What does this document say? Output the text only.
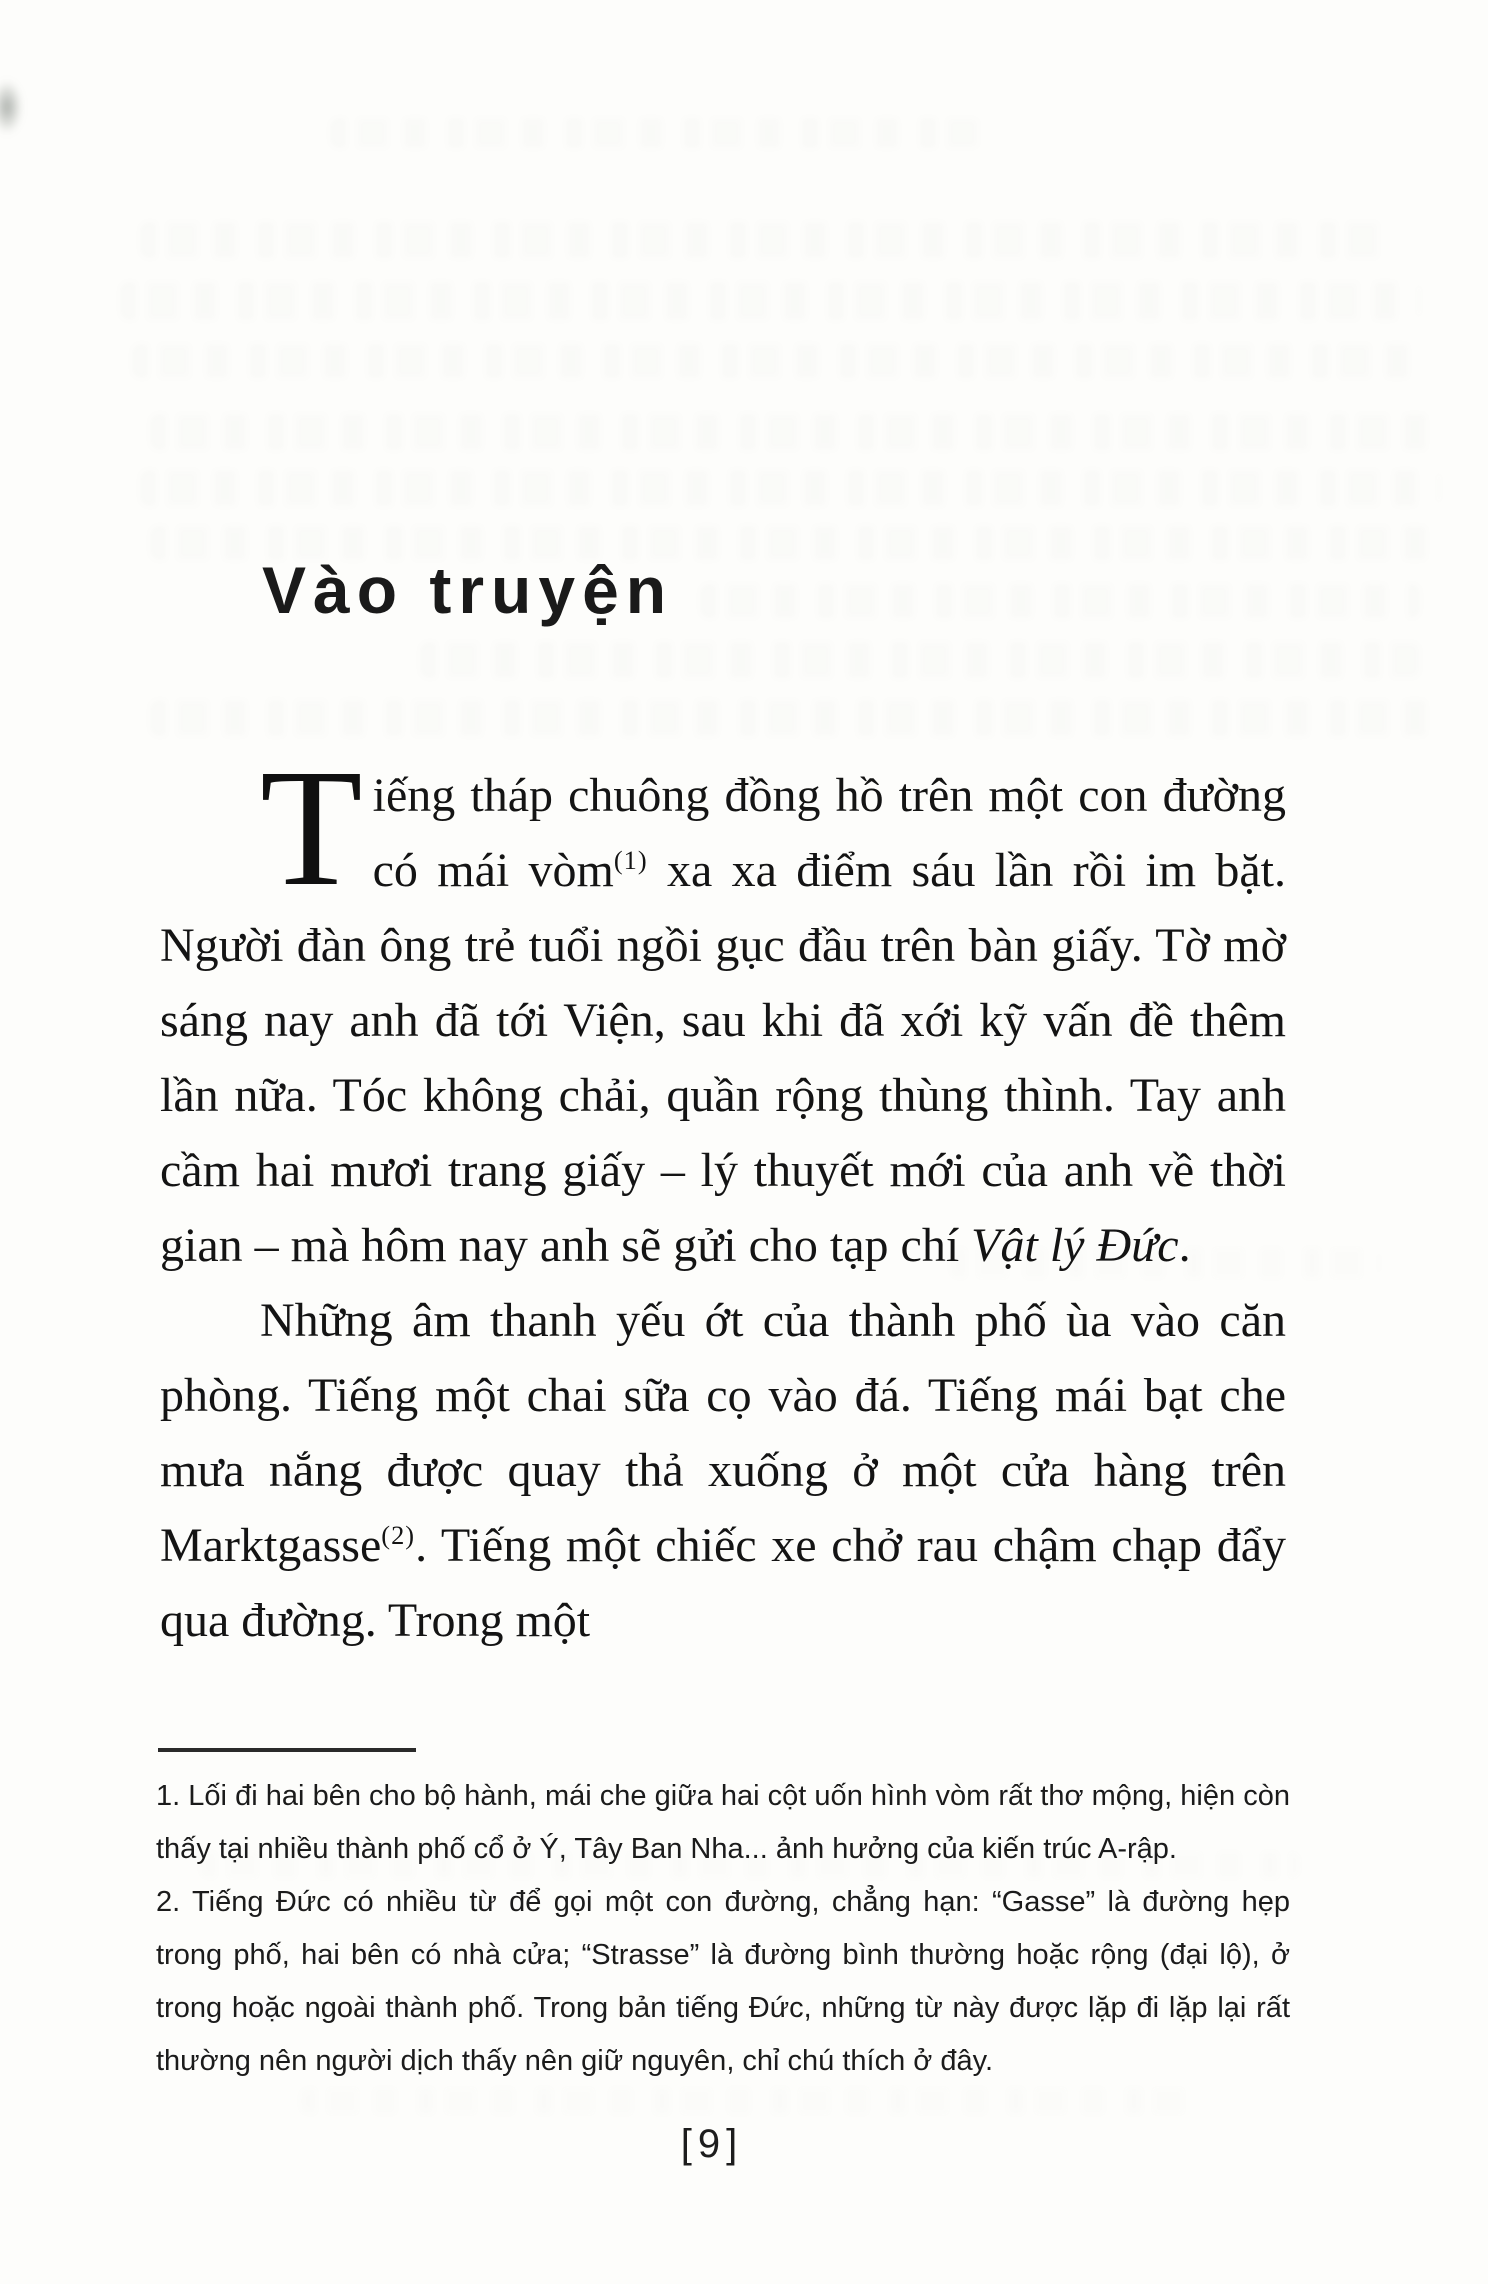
Vào truyện

Tiếng tháp chuông đồng hồ trên một con đường có mái vòm$^{(1)}$ xa xa điểm sáu lần rồi im bặt. Người đàn ông trẻ tuổi ngồi gục đầu trên bàn giấy. Tờ mờ sáng nay anh đã tới Viện, sau khi đã xới kỹ vấn đề thêm lần nữa. Tóc không chải, quần rộng thùng thình. Tay anh cầm hai mươi trang giấy – lý thuyết mới của anh về thời gian – mà hôm nay anh sẽ gửi cho tạp chí Vật lý Đức.

Những âm thanh yếu ớt của thành phố ùa vào căn phòng. Tiếng một chai sữa cọ vào đá. Tiếng mái bạt che mưa nắng được quay thả xuống ở một cửa hàng trên Marktgasse$^{(2)}$. Tiếng một chiếc xe chở rau chậm chạp đẩy qua đường. Trong một

1. Lối đi hai bên cho bộ hành, mái che giữa hai cột uốn hình vòm rất thơ mộng, hiện còn thấy tại nhiều thành phố cổ ở Ý, Tây Ban Nha... ảnh hưởng của kiến trúc A-rập.

2. Tiếng Đức có nhiều từ để gọi một con đường, chẳng hạn: “Gasse” là đường hẹp trong phố, hai bên có nhà cửa; “Strasse” là đường bình thường hoặc rộng (đại lộ), ở trong hoặc ngoài thành phố. Trong bản tiếng Đức, những từ này được lặp đi lặp lại rất thường nên người dịch thấy nên giữ nguyên, chỉ chú thích ở đây.

[9]
